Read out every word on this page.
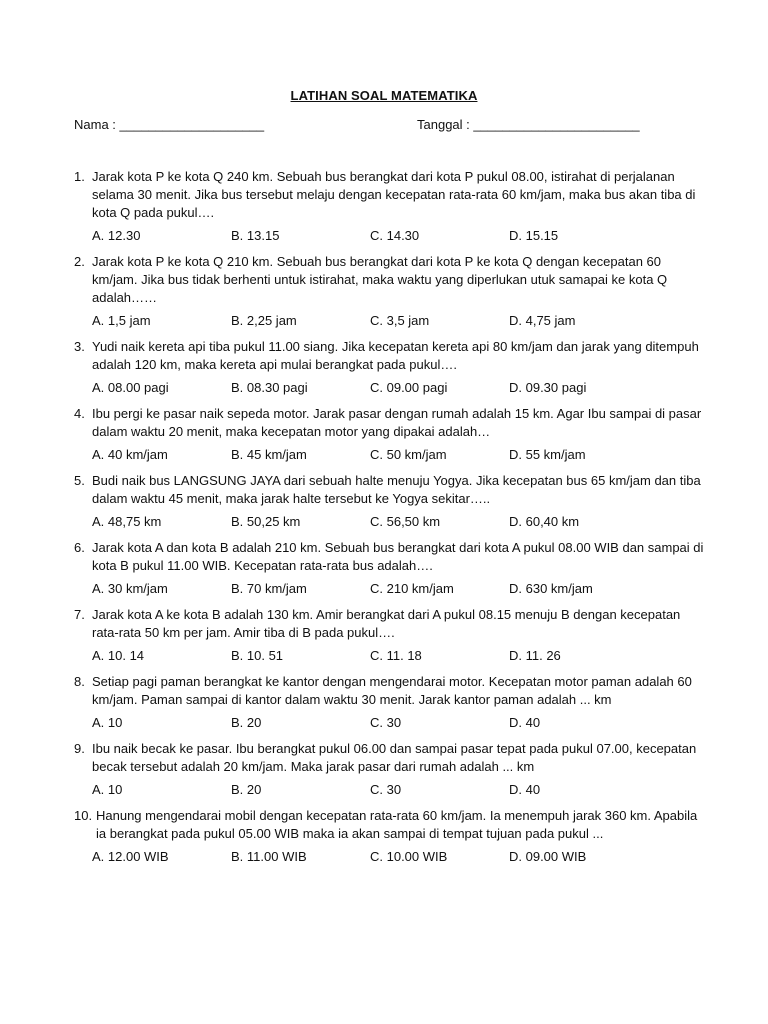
LATIHAN SOAL MATEMATIKA
Nama : ____________________	Tanggal : _______________________
1. Jarak kota P ke kota Q 240 km. Sebuah bus berangkat dari kota P pukul 08.00, istirahat di perjalanan selama 30 menit. Jika bus tersebut melaju dengan kecepatan rata-rata 60 km/jam, maka bus akan tiba di kota Q pada pukul….
A. 12.30	B. 13.15	C. 14.30	D. 15.15
2. Jarak kota P ke kota Q 210 km. Sebuah bus berangkat dari kota P ke kota Q dengan kecepatan 60 km/jam. Jika bus tidak berhenti untuk istirahat, maka waktu yang diperlukan utuk samapai ke kota Q adalah……
A. 1,5 jam	B. 2,25 jam	C. 3,5 jam	D. 4,75 jam
3. Yudi naik kereta api tiba pukul 11.00 siang. Jika kecepatan kereta api 80 km/jam dan jarak yang ditempuh adalah 120 km, maka kereta api mulai berangkat pada pukul….
A. 08.00 pagi	B. 08.30 pagi	C. 09.00 pagi	D. 09.30 pagi
4. Ibu pergi ke pasar naik sepeda motor. Jarak pasar dengan rumah adalah 15 km. Agar Ibu sampai di pasar dalam waktu 20 menit, maka kecepatan motor yang dipakai adalah…
A. 40 km/jam	B. 45 km/jam	C. 50 km/jam	D. 55 km/jam
5. Budi naik bus LANGSUNG JAYA dari sebuah halte menuju Yogya. Jika kecepatan bus 65 km/jam dan tiba dalam waktu 45 menit, maka jarak halte tersebut ke Yogya sekitar…..
A. 48,75 km	B. 50,25 km	C. 56,50 km	D. 60,40 km
6. Jarak kota A dan kota B adalah 210 km. Sebuah bus berangkat dari kota A pukul 08.00 WIB dan sampai di kota B pukul 11.00 WIB. Kecepatan rata-rata bus adalah….
A. 30 km/jam	B. 70 km/jam	C. 210 km/jam	D. 630 km/jam
7. Jarak kota A ke kota B adalah 130 km. Amir berangkat dari A pukul 08.15 menuju B dengan kecepatan rata-rata 50 km per jam. Amir tiba di B pada pukul….
A. 10. 14	B. 10. 51	C. 11. 18	D. 11. 26
8. Setiap pagi paman berangkat ke kantor dengan mengendarai motor. Kecepatan motor paman adalah 60 km/jam. Paman sampai di kantor dalam waktu 30 menit. Jarak kantor paman adalah ... km
A. 10	B. 20	C. 30	D. 40
9. Ibu naik becak ke pasar. Ibu berangkat pukul 06.00 dan sampai pasar tepat pada pukul 07.00, kecepatan becak tersebut adalah 20 km/jam. Maka jarak pasar dari rumah adalah ... km
A. 10	B. 20	C. 30	D. 40
10. Hanung mengendarai mobil dengan kecepatan rata-rata 60 km/jam. Ia menempuh jarak 360 km. Apabila ia berangkat pada pukul 05.00 WIB maka ia akan sampai di tempat tujuan pada pukul ...
A. 12.00 WIB	B. 11.00 WIB	C. 10.00 WIB	D. 09.00 WIB
